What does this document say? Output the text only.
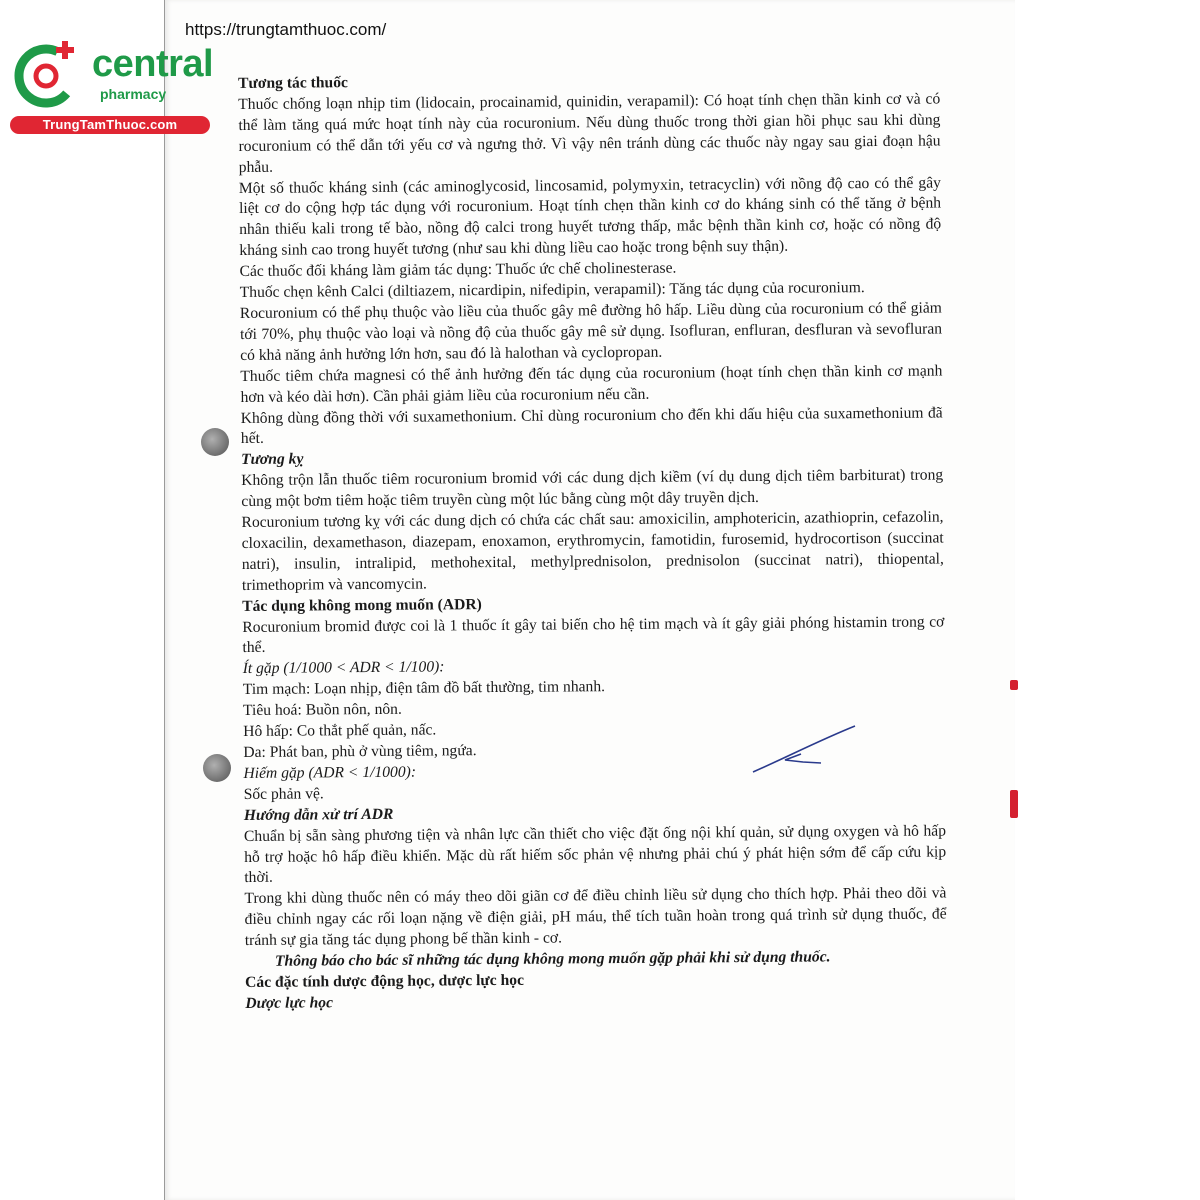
https://trungtamthuoc.com/
central
pharmacy
TrungTamThuoc.com

Tương tác thuốc

Thuốc chống loạn nhịp tim (lidocain, procainamid, quinidin, verapamil): Có hoạt tính chẹn thần kinh cơ và có thể làm tăng quá mức hoạt tính này của rocuronium. Nếu dùng thuốc trong thời gian hồi phục sau khi dùng rocuronium có thể dẫn tới yếu cơ và ngưng thở. Vì vậy nên tránh dùng các thuốc này ngay sau giai đoạn hậu phẫu.

Một số thuốc kháng sinh (các aminoglycosid, lincosamid, polymyxin, tetracyclin) với nồng độ cao có thể gây liệt cơ do cộng hợp tác dụng với rocuronium. Hoạt tính chẹn thần kinh cơ do kháng sinh có thể tăng ở bệnh nhân thiếu kali trong tế bào, nồng độ calci trong huyết tương thấp, mắc bệnh thần kinh cơ, hoặc có nồng độ kháng sinh cao trong huyết tương (như sau khi dùng liều cao hoặc trong bệnh suy thận).

Các thuốc đối kháng làm giảm tác dụng: Thuốc ức chế cholinesterase.

Thuốc chẹn kênh Calci (diltiazem, nicardipin, nifedipin, verapamil): Tăng tác dụng của rocuronium.

Rocuronium có thể phụ thuộc vào liều của thuốc gây mê đường hô hấp. Liều dùng của rocuronium có thể giảm tới 70%, phụ thuộc vào loại và nồng độ của thuốc gây mê sử dụng. Isofluran, enfluran, desfluran và sevofluran có khả năng ảnh hưởng lớn hơn, sau đó là halothan và cyclopropan.

Thuốc tiêm chứa magnesi có thể ảnh hưởng đến tác dụng của rocuronium (hoạt tính chẹn thần kinh cơ mạnh hơn và kéo dài hơn). Cần phải giảm liều của rocuronium nếu cần.

Không dùng đồng thời với suxamethonium. Chỉ dùng rocuronium cho đến khi dấu hiệu của suxamethonium đã hết.

Tương kỵ

Không trộn lẫn thuốc tiêm rocuronium bromid với các dung dịch kiềm (ví dụ dung dịch tiêm barbiturat) trong cùng một bơm tiêm hoặc tiêm truyền cùng một lúc bằng cùng một dây truyền dịch.

Rocuronium tương kỵ với các dung dịch có chứa các chất sau: amoxicilin, amphotericin, azathioprin, cefazolin, cloxacilin, dexamethason, diazepam, enoxamon, erythromycin, famotidin, furosemid, hydrocortison (succinat natri), insulin, intralipid, methohexital, methylprednisolon, prednisolon (succinat natri), thiopental, trimethoprim và vancomycin.

Tác dụng không mong muốn (ADR)

Rocuronium bromid được coi là 1 thuốc ít gây tai biến cho hệ tim mạch và ít gây giải phóng histamin trong cơ thể.

Ít gặp (1/1000 < ADR < 1/100):

Tim mạch: Loạn nhịp, điện tâm đồ bất thường, tim nhanh.

Tiêu hoá: Buồn nôn, nôn.

Hô hấp: Co thắt phế quản, nấc.

Da: Phát ban, phù ở vùng tiêm, ngứa.

Hiếm gặp (ADR < 1/1000):

Sốc phản vệ.

Hướng dẫn xử trí ADR

Chuẩn bị sẵn sàng phương tiện và nhân lực cần thiết cho việc đặt ống nội khí quản, sử dụng oxygen và hô hấp hỗ trợ hoặc hô hấp điều khiển. Mặc dù rất hiếm sốc phản vệ nhưng phải chú ý phát hiện sớm để cấp cứu kịp thời.

Trong khi dùng thuốc nên có máy theo dõi giãn cơ để điều chỉnh liều sử dụng cho thích hợp. Phải theo dõi và điều chỉnh ngay các rối loạn nặng về điện giải, pH máu, thể tích tuần hoàn trong quá trình sử dụng thuốc, để tránh sự gia tăng tác dụng phong bế thần kinh - cơ.

Thông báo cho bác sĩ những tác dụng không mong muốn gặp phải khi sử dụng thuốc.

Các đặc tính dược động học, dược lực học

Dược lực học
